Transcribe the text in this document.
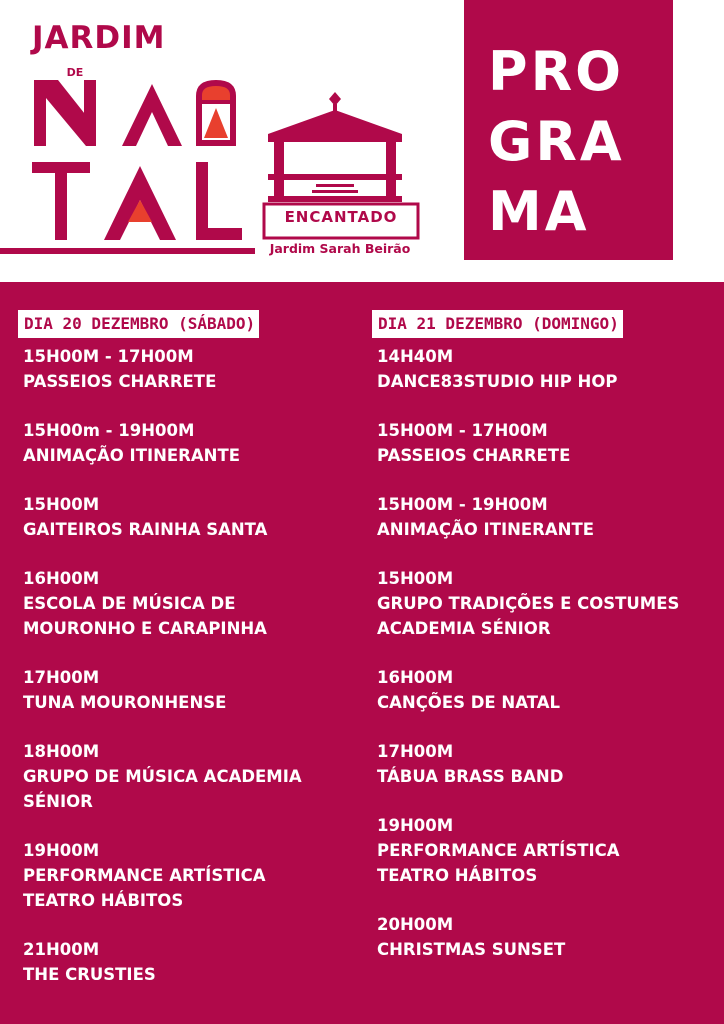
JARDIM
DE
ENCANTADO
Jardim Sarah Beirão
PRO
GRA
MA
DIA 20 DEZEMBRO (SÁBADO)
15H00M - 17H00M
PASSEIOS CHARRETE
15H00m - 19H00M
ANIMAÇÃO ITINERANTE
15H00M
GAITEIROS RAINHA SANTA
16H00M
ESCOLA DE MÚSICA DE
MOURONHO E CARAPINHA
17H00M
TUNA MOURONHENSE
18H00M
GRUPO DE MÚSICA ACADEMIA
SÉNIOR
19H00M
PERFORMANCE ARTÍSTICA
TEATRO HÁBITOS
21H00M
THE CRUSTIES
DIA 21 DEZEMBRO (DOMINGO)
14H40M
DANCE83STUDIO HIP HOP
15H00M - 17H00M
PASSEIOS CHARRETE
15H00M - 19H00M
ANIMAÇÃO ITINERANTE
15H00M
GRUPO TRADIÇÕES E COSTUMES
ACADEMIA SÉNIOR
16H00M
CANÇÕES DE NATAL
17H00M
TÁBUA BRASS BAND
19H00M
PERFORMANCE ARTÍSTICA
TEATRO HÁBITOS
20H00M
CHRISTMAS SUNSET
